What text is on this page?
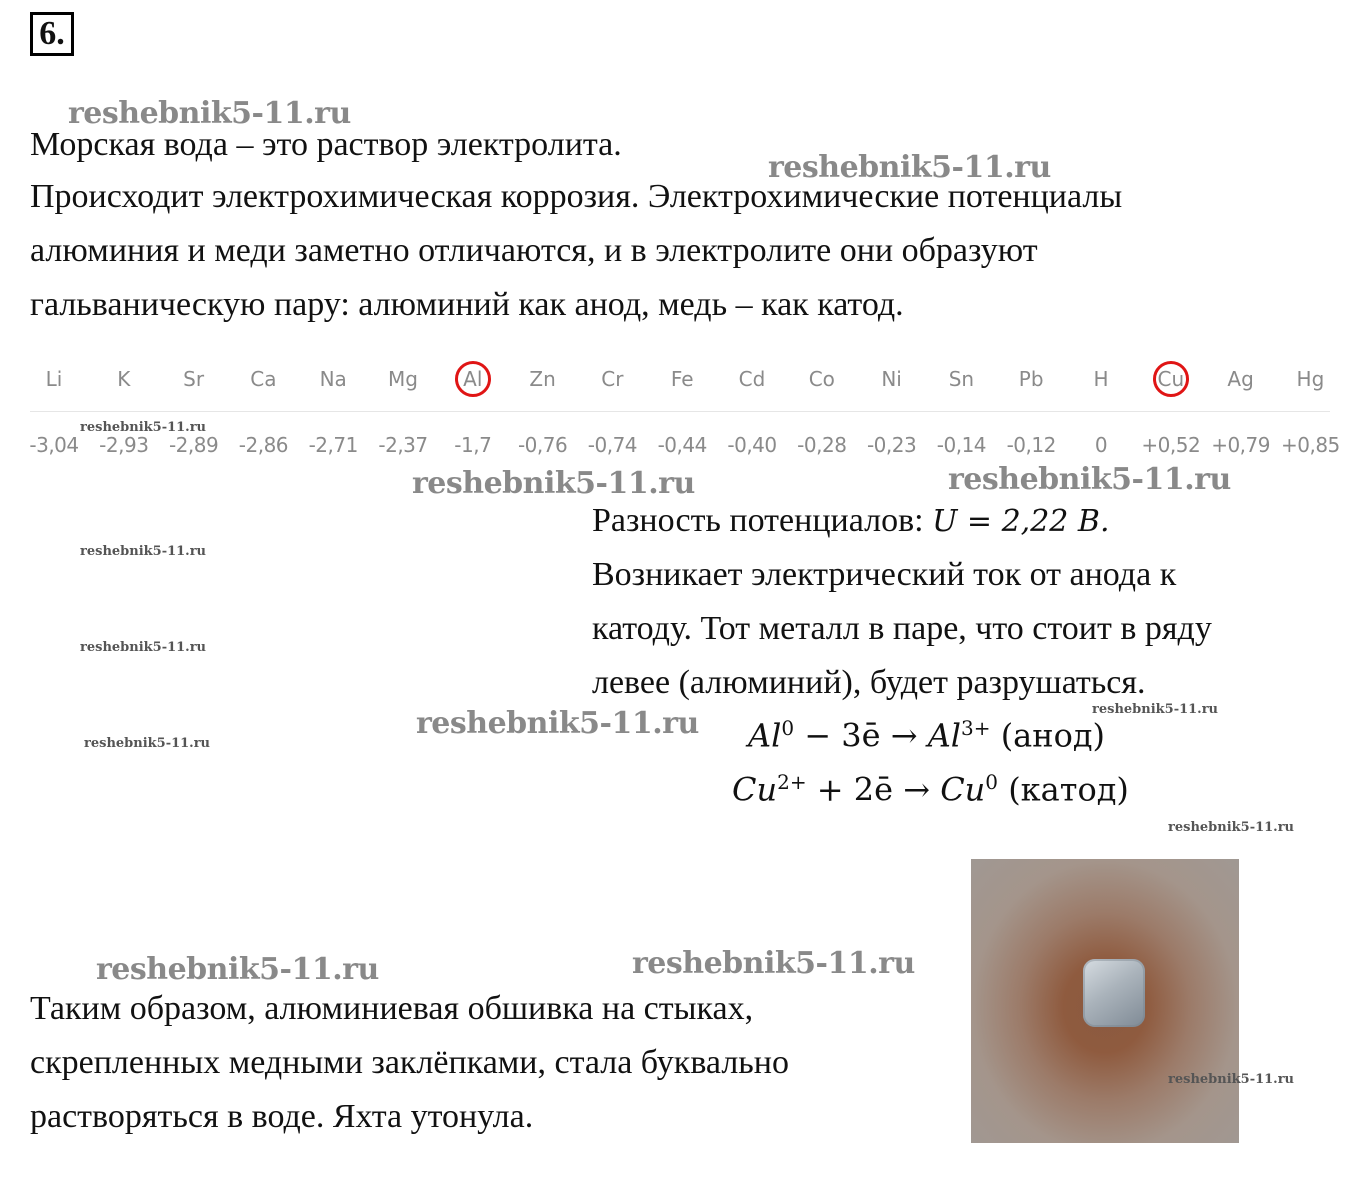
6.
reshebnik5-11.ru
reshebnik5-11.ru
reshebnik5-11.ru	reshebnik5-11.ru
reshebnik5-11.ru
reshebnik5-11.ru	reshebnik5-11.ru
reshebnik5-11.ru
reshebnik5-11.ru
reshebnik5-11.ru
reshebnik5-11.ru
reshebnik5-11.ru
reshebnik5-11.ru
Морская вода – это раствор электролита.
Происходит электрохимическая коррозия. Электрохимические потенциалы
алюминия и меди заметно отличаются, и в электролите они образуют
гальваническую пару: алюминий как анод, медь – как катод.
Li
-3,04
K
-2,93
Sr
-2,89
Ca
-2,86
Na
-2,71
Mg
-2,37
Al
-1,7
Zn
-0,76
Cr
-0,74
Fe
-0,44
Cd
-0,40
Co
-0,28
Ni
-0,23
Sn
-0,14
Pb
-0,12
H
0
Cu
+0,52
Ag
+0,79
Hg
+0,85
Разность потенциалов: U = 2,22 В.
Возникает электрический ток от анода к
катоду. Тот металл в паре, что стоит в ряду
левее (алюминий), будет разрушаться.
$Al^0$ − 3ē → $Al^{3+}$ (анод)
$Cu^{2+}$ + 2ē → $Cu^0$ (катод)
reshebnik5-11.ru
Таким образом, алюминиевая обшивка на стыках,
скрепленных медными заклёпками, стала буквально
растворяться в воде. Яхта утонула.
